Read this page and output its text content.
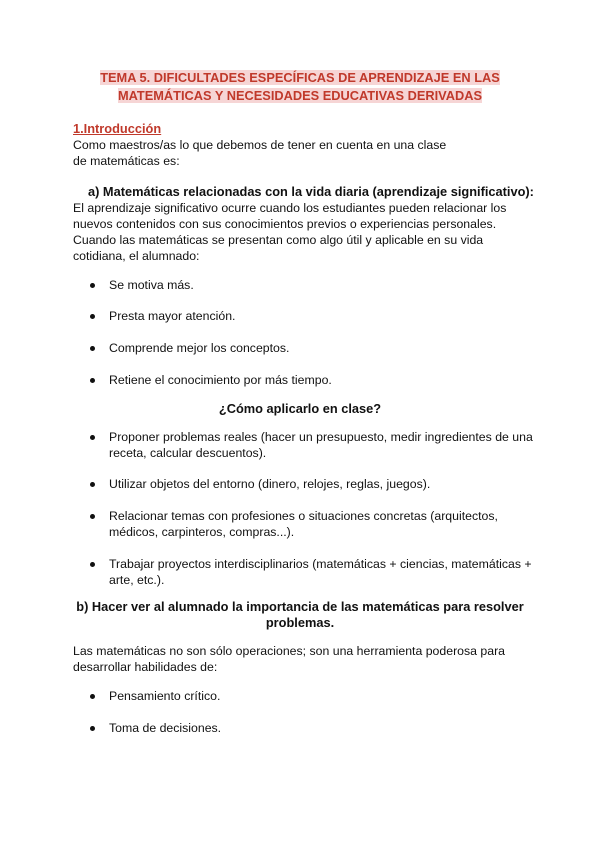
TEMA 5. DIFICULTADES ESPECÍFICAS DE APRENDIZAJE EN LAS
MATEMÁTICAS Y NECESIDADES EDUCATIVAS DERIVADAS
1.Introducción
Como maestros/as lo que debemos de tener en cuenta en una clase de matemáticas es:
a) Matemáticas relacionadas con la vida diaria (aprendizaje significativo):
El aprendizaje significativo ocurre cuando los estudiantes pueden relacionar los nuevos contenidos con sus conocimientos previos o experiencias personales. Cuando las matemáticas se presentan como algo útil y aplicable en su vida cotidiana, el alumnado:
Se motiva más.
Presta mayor atención.
Comprende mejor los conceptos.
Retiene el conocimiento por más tiempo.
¿Cómo aplicarlo en clase?
Proponer problemas reales (hacer un presupuesto, medir ingredientes de una receta, calcular descuentos).
Utilizar objetos del entorno (dinero, relojes, reglas, juegos).
Relacionar temas con profesiones o situaciones concretas (arquitectos, médicos, carpinteros, compras...).
Trabajar proyectos interdisciplinarios (matemáticas + ciencias, matemáticas + arte, etc.).
b) Hacer ver al alumnado la importancia de las matemáticas para resolver problemas.
Las matemáticas no son sólo operaciones; son una herramienta poderosa para desarrollar habilidades de:
Pensamiento crítico.
Toma de decisiones.
